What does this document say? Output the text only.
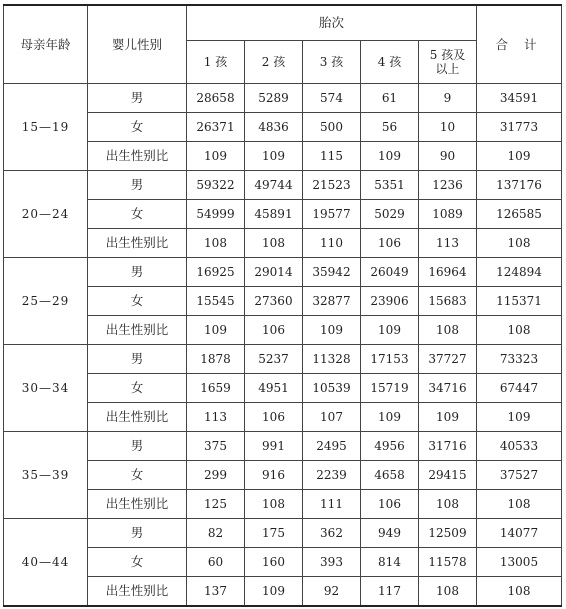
母亲年龄	婴儿性别	胎次					合 计
		1 孩	2 孩	3 孩	4 孩	5 孩及以上	
15—19	男	28658	5289	574	61	9	34591
	女	26371	4836	500	56	10	31773
	出生性别比	109	109	115	109	90	109
20—24	男	59322	49744	21523	5351	1236	137176
	女	54999	45891	19577	5029	1089	126585
	出生性别比	108	108	110	106	113	108
25—29	男	16925	29014	35942	26049	16964	124894
	女	15545	27360	32877	23906	15683	115371
	出生性别比	109	106	109	109	108	108
30—34	男	1878	5237	11328	17153	37727	73323
	女	1659	4951	10539	15719	34716	67447
	出生性别比	113	106	107	109	109	109
35—39	男	375	991	2495	4956	31716	40533
	女	299	916	2239	4658	29415	37527
	出生性别比	125	108	111	106	108	108
40—44	男	82	175	362	949	12509	14077
	女	60	160	393	814	11578	13005
	出生性别比	137	109	92	117	108	108
